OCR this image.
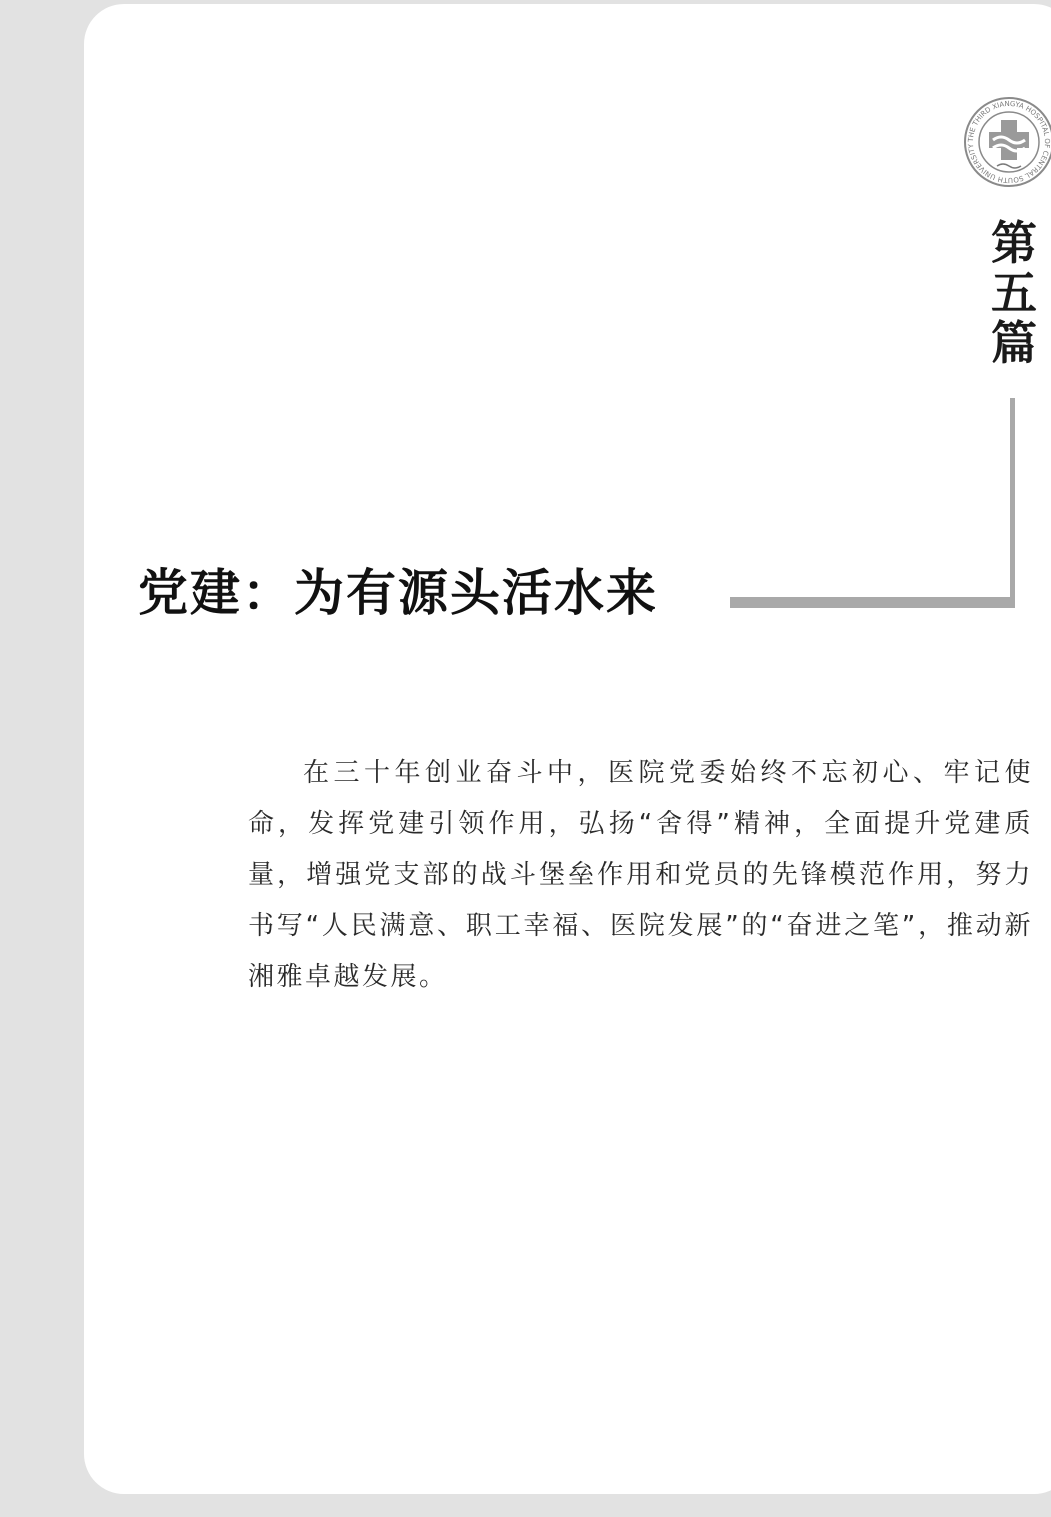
THE THIRD XIANGYA HOSPITAL OF CENTRAL SOUTH UNIVERSITY
第
五
篇
党建：为有源头活水来

在三十年创业奋斗中，医院党委始终不忘初心、牢记使命，发挥党建引领作用，弘扬“舍得”精神，全面提升党建质量，增强党支部的战斗堡垒作用和党员的先锋模范作用，努力书写“人民满意、职工幸福、医院发展”的“奋进之笔”，推动新湘雅卓越发展。
